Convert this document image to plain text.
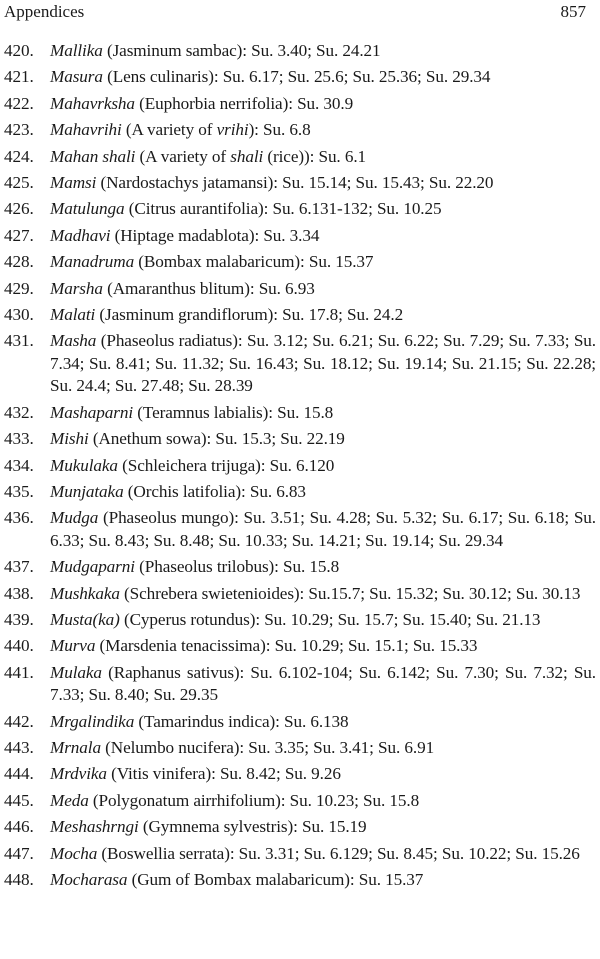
Appendices	857
420. Mallika (Jasminum sambac): Su. 3.40; Su. 24.21
421. Masura (Lens culinaris): Su. 6.17; Su. 25.6; Su. 25.36; Su. 29.34
422. Mahavrksha (Euphorbia nerrifolia): Su. 30.9
423. Mahavrihi (A variety of vrihi): Su. 6.8
424. Mahan shali (A variety of shali (rice)): Su. 6.1
425. Mamsi (Nardostachys jatamansi): Su. 15.14; Su. 15.43; Su. 22.20
426. Matulunga (Citrus aurantifolia): Su. 6.131-132; Su. 10.25
427. Madhavi (Hiptage madablota): Su. 3.34
428. Manadruma (Bombax malabaricum): Su. 15.37
429. Marsha (Amaranthus blitum): Su. 6.93
430. Malati (Jasminum grandiflorum): Su. 17.8; Su. 24.2
431. Masha (Phaseolus radiatus): Su. 3.12; Su. 6.21; Su. 6.22; Su. 7.29; Su. 7.33; Su. 7.34; Su. 8.41; Su. 11.32; Su. 16.43; Su. 18.12; Su. 19.14; Su. 21.15; Su. 22.28; Su. 24.4; Su. 27.48; Su. 28.39
432. Mashaparni (Teramnus labialis): Su. 15.8
433. Mishi (Anethum sowa): Su. 15.3; Su. 22.19
434. Mukulaka (Schleichera trijuga): Su. 6.120
435. Munjataka (Orchis latifolia): Su. 6.83
436. Mudga (Phaseolus mungo): Su. 3.51; Su. 4.28; Su. 5.32; Su. 6.17; Su. 6.18; Su. 6.33; Su. 8.43; Su. 8.48; Su. 10.33; Su. 14.21; Su. 19.14; Su. 29.34
437. Mudgaparni (Phaseolus trilobus): Su. 15.8
438. Mushkaka (Schrebera swietenioides): Su.15.7; Su. 15.32; Su. 30.12; Su. 30.13
439. Musta(ka) (Cyperus rotundus): Su. 10.29; Su. 15.7; Su. 15.40; Su. 21.13
440. Murva (Marsdenia tenacissima): Su. 10.29; Su. 15.1; Su. 15.33
441. Mulaka (Raphanus sativus): Su. 6.102-104; Su. 6.142; Su. 7.30; Su. 7.32; Su. 7.33; Su. 8.40; Su. 29.35
442. Mrgalindika (Tamarindus indica): Su. 6.138
443. Mrnala (Nelumbo nucifera): Su. 3.35; Su. 3.41; Su. 6.91
444. Mrdvika (Vitis vinifera): Su. 8.42; Su. 9.26
445. Meda (Polygonatum airrhifolium): Su. 10.23; Su. 15.8
446. Meshashrngi (Gymnema sylvestris): Su. 15.19
447. Mocha (Boswellia serrata): Su. 3.31; Su. 6.129; Su. 8.45; Su. 10.22; Su. 15.26
448. Mocharasa (Gum of Bombax malabaricum): Su. 15.37
